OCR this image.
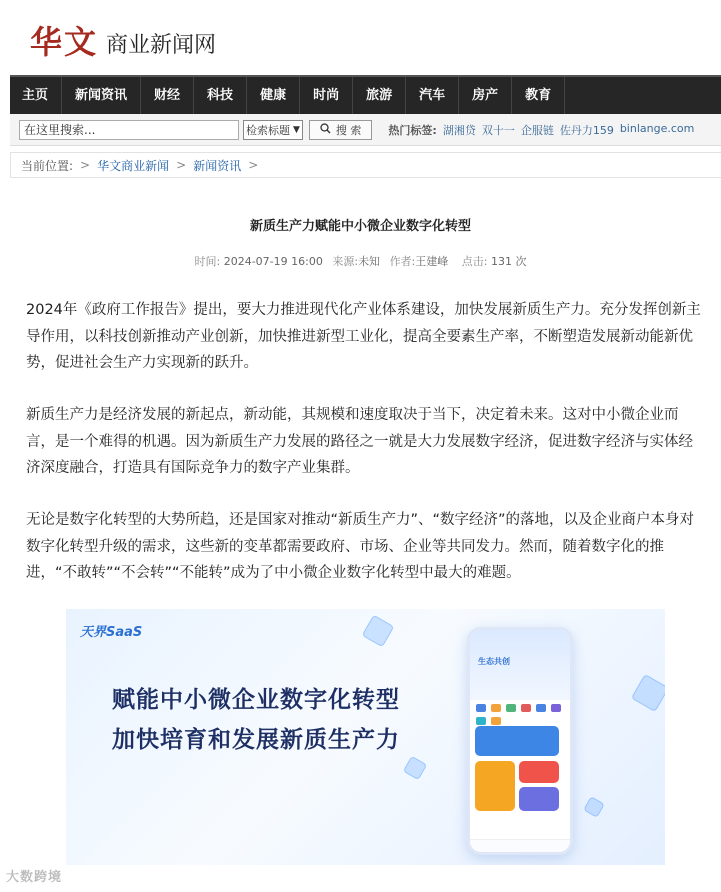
华文 商业新闻网
主页	新闻资讯	财经	科技	健康	时尚	旅游	汽车	房产	教育
在这里搜索...
检索标题 ▼	搜 索 热门标签: 湖湘贷 双十一 企服链 佐丹力159 binlange.com
当前位置: > 华文商业新闻 > 新闻资讯 >
新质生产力赋能中小微企业数字化转型
时间: 2024-07-19 16:00 来源:未知 作者:王建峰 点击: 131 次
2024年《政府工作报告》提出，要大力推进现代化产业体系建设，加快发展新质生产力。充分发挥创新主导作用，以科技创新推动产业创新，加快推进新型工业化，提高全要素生产率，不断塑造发展新动能新优势，促进社会生产力实现新的跃升。
新质生产力是经济发展的新起点，新动能，其规模和速度取决于当下，决定着未来。这对中小微企业而言，是一个难得的机遇。因为新质生产力发展的路径之一就是大力发展数字经济，促进数字经济与实体经济深度融合，打造具有国际竞争力的数字产业集群。
无论是数字化转型的大势所趋，还是国家对推动“新质生产力”、“数字经济”的落地，以及企业商户本身对数字化转型升级的需求，这些新的变革都需要政府、市场、企业等共同发力。然而，随着数字化的推进，“不敢转”“不会转”“不能转”成为了中小微企业数字化转型中最大的难题。
天界SaaS
赋能中小微企业数字化转型
加快培育和发展新质生产力
生态共创
大数跨境
